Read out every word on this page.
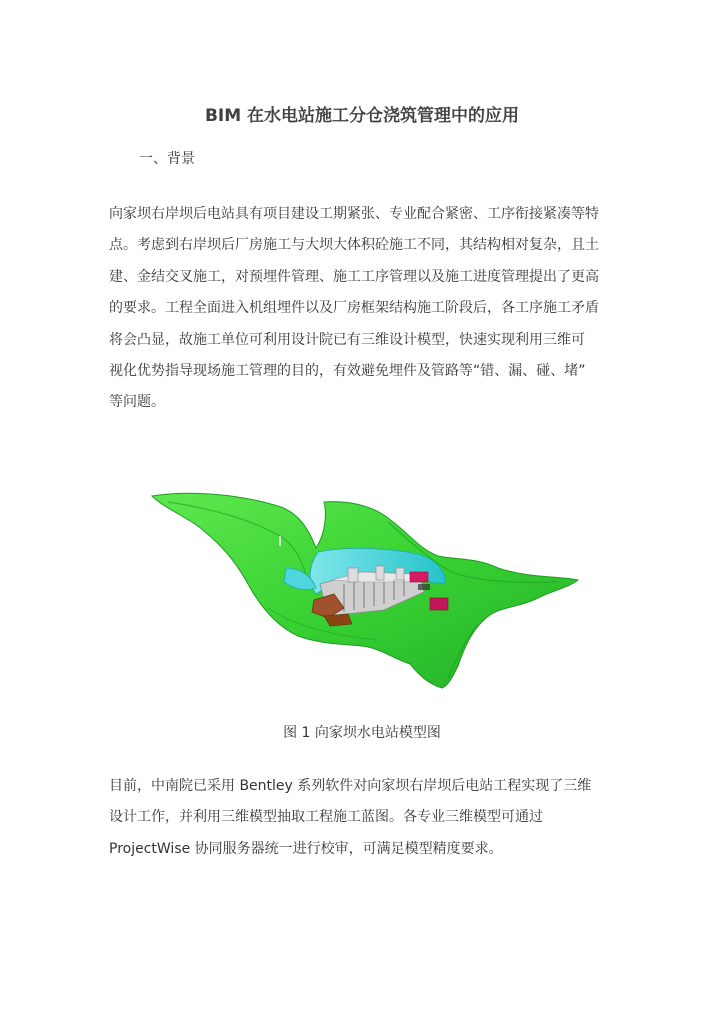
BIM 在水电站施工分仓浇筑管理中的应用
一、背景
向家坝右岸坝后电站具有项目建设工期紧张、专业配合紧密、工序衔接紧凑等特
点。考虑到右岸坝后厂房施工与大坝大体积砼施工不同，其结构相对复杂，且土
建、金结交叉施工，对预埋件管理、施工工序管理以及施工进度管理提出了更高
的要求。工程全面进入机组埋件以及厂房框架结构施工阶段后，各工序施工矛盾
将会凸显，故施工单位可利用设计院已有三维设计模型，快速实现利用三维可
视化优势指导现场施工管理的目的，有效避免埋件及管路等“错、漏、碰、堵”
等问题。
图 1 向家坝水电站模型图
目前，中南院已采用 Bentley 系列软件对向家坝右岸坝后电站工程实现了三维
设计工作，并利用三维模型抽取工程施工蓝图。各专业三维模型可通过
ProjectWise 协同服务器统一进行校审，可满足模型精度要求。
